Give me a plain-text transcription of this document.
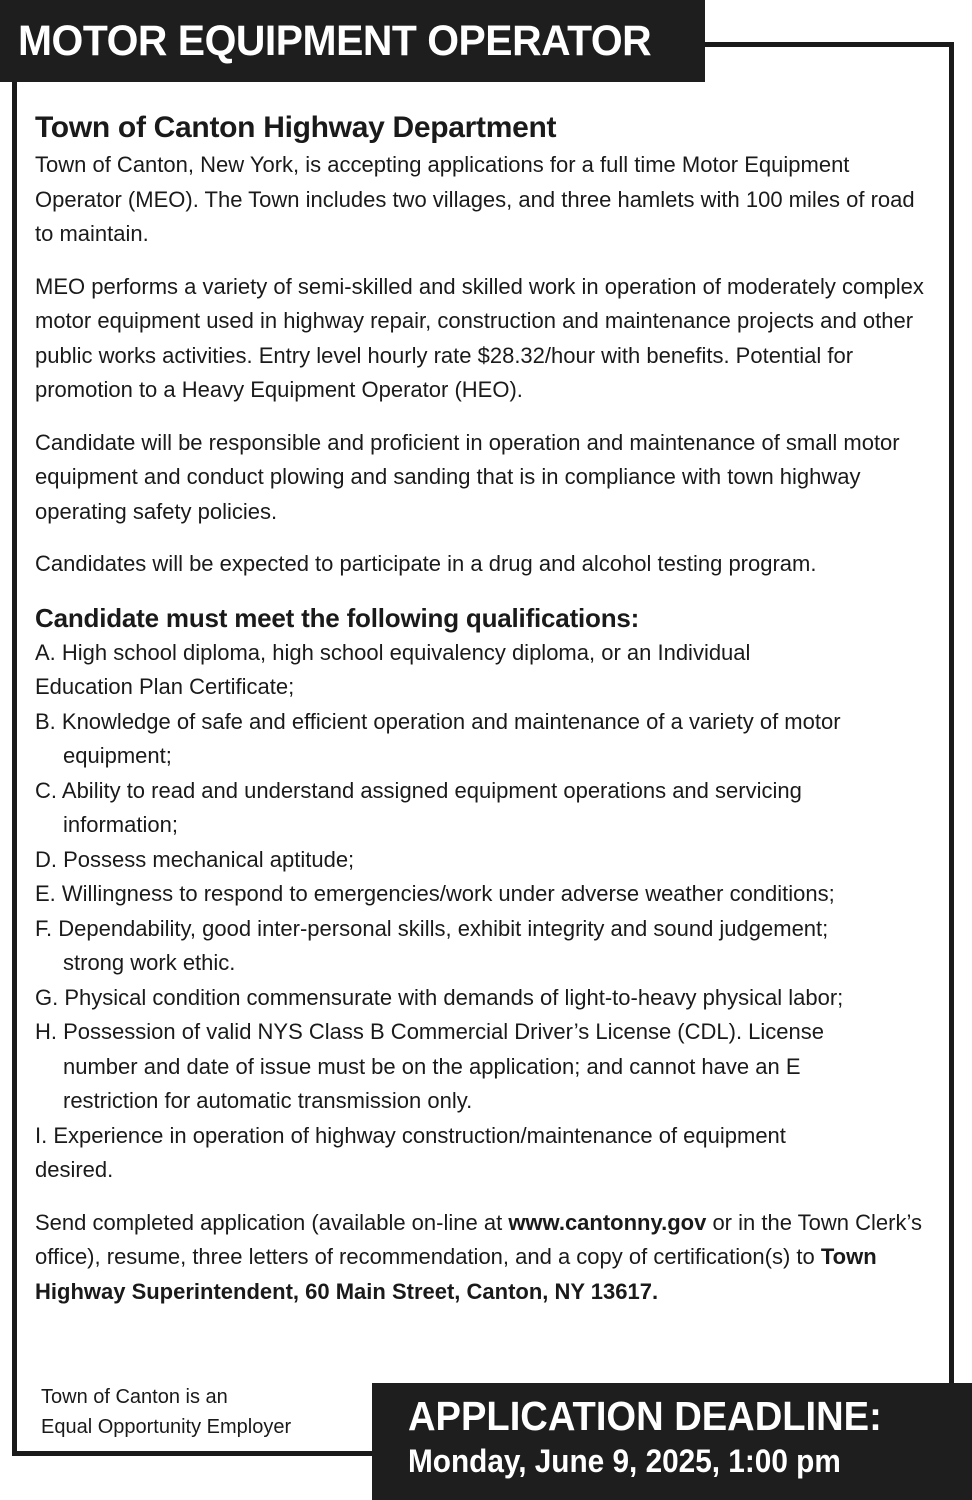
MOTOR EQUIPMENT OPERATOR
Town of Canton Highway Department

Town of Canton, New York, is accepting applications for a full time Motor Equipment Operator (MEO). The Town includes two villages, and three hamlets with 100 miles of road to maintain.

MEO performs a variety of semi-skilled and skilled work in operation of moderately complex motor equipment used in highway repair, construction and maintenance projects and other public works activities. Entry level hourly rate $28.32/hour with benefits. Potential for promotion to a Heavy Equipment Operator (HEO).

Candidate will be responsible and proficient in operation and maintenance of small motor equipment and conduct plowing and sanding that is in compliance with town highway operating safety policies.

Candidates will be expected to participate in a drug and alcohol testing program.

Candidate must meet the following qualifications:
A. High school diploma, high school equivalency diploma, or an Individual
Education Plan Certificate;
B. Knowledge of safe and efficient operation and maintenance of a variety of motor
equipment;
C. Ability to read and understand assigned equipment operations and servicing
information;
D. Possess mechanical aptitude;
E. Willingness to respond to emergencies/work under adverse weather conditions;
F. Dependability, good inter-personal skills, exhibit integrity and sound judgement;
strong work ethic.
G. Physical condition commensurate with demands of light-to-heavy physical labor;
H. Possession of valid NYS Class B Commercial Driver’s License (CDL). License
number and date of issue must be on the application; and cannot have an E
restriction for automatic transmission only.
I. Experience in operation of highway construction/maintenance of equipment
desired.

Send completed application (available on-line at www.cantonny.gov or in the Town Clerk’s office), resume, three letters of recommendation, and a copy of certification(s) to Town Highway Superintendent, 60 Main Street, Canton, NY 13617.

Town of Canton is an
Equal Opportunity Employer	APPLICATION DEADLINE:
Monday, June 9, 2025, 1:00 pm
